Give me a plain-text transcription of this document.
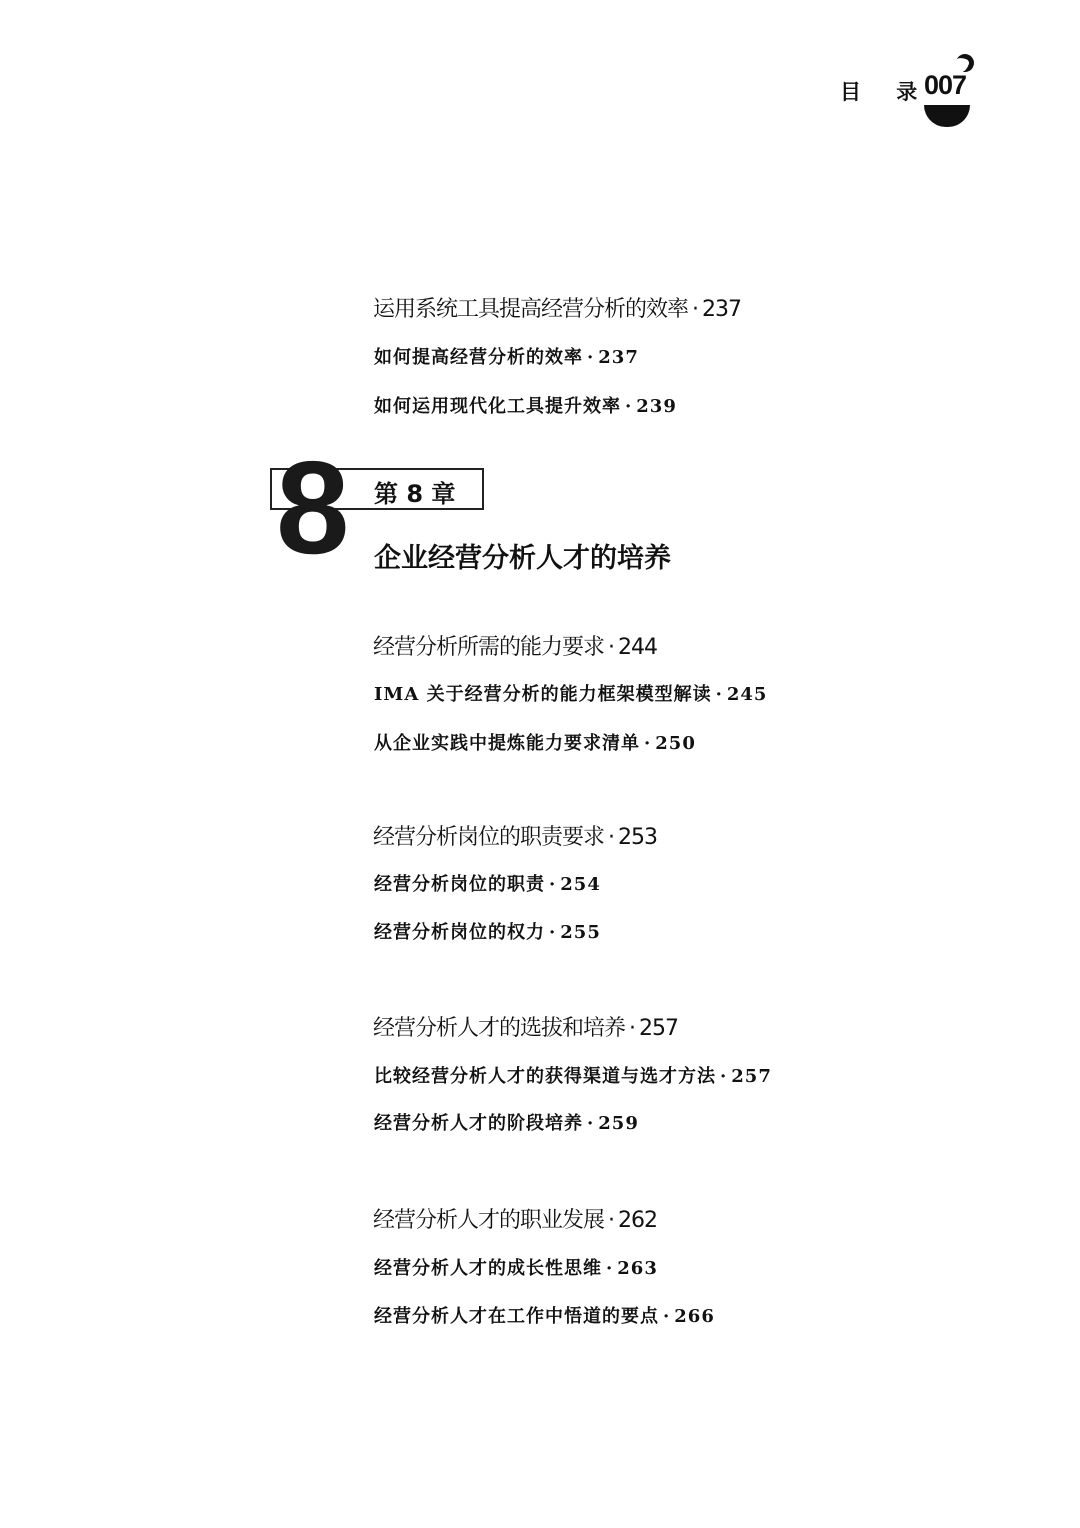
目 录
007
运用系统工具提高经营分析的效率 · 237
如何提高经营分析的效率 · 237
如何运用现代化工具提升效率 · 239
8 第 8 章
企业经营分析人才的培养
经营分析所需的能力要求 · 244
IMA 关于经营分析的能力框架模型解读 · 245
从企业实践中提炼能力要求清单 · 250
经营分析岗位的职责要求 · 253
经营分析岗位的职责 · 254
经营分析岗位的权力 · 255
经营分析人才的选拔和培养 · 257
比较经营分析人才的获得渠道与选才方法 · 257
经营分析人才的阶段培养 · 259
经营分析人才的职业发展 · 262
经营分析人才的成长性思维 · 263
经营分析人才在工作中悟道的要点 · 266
